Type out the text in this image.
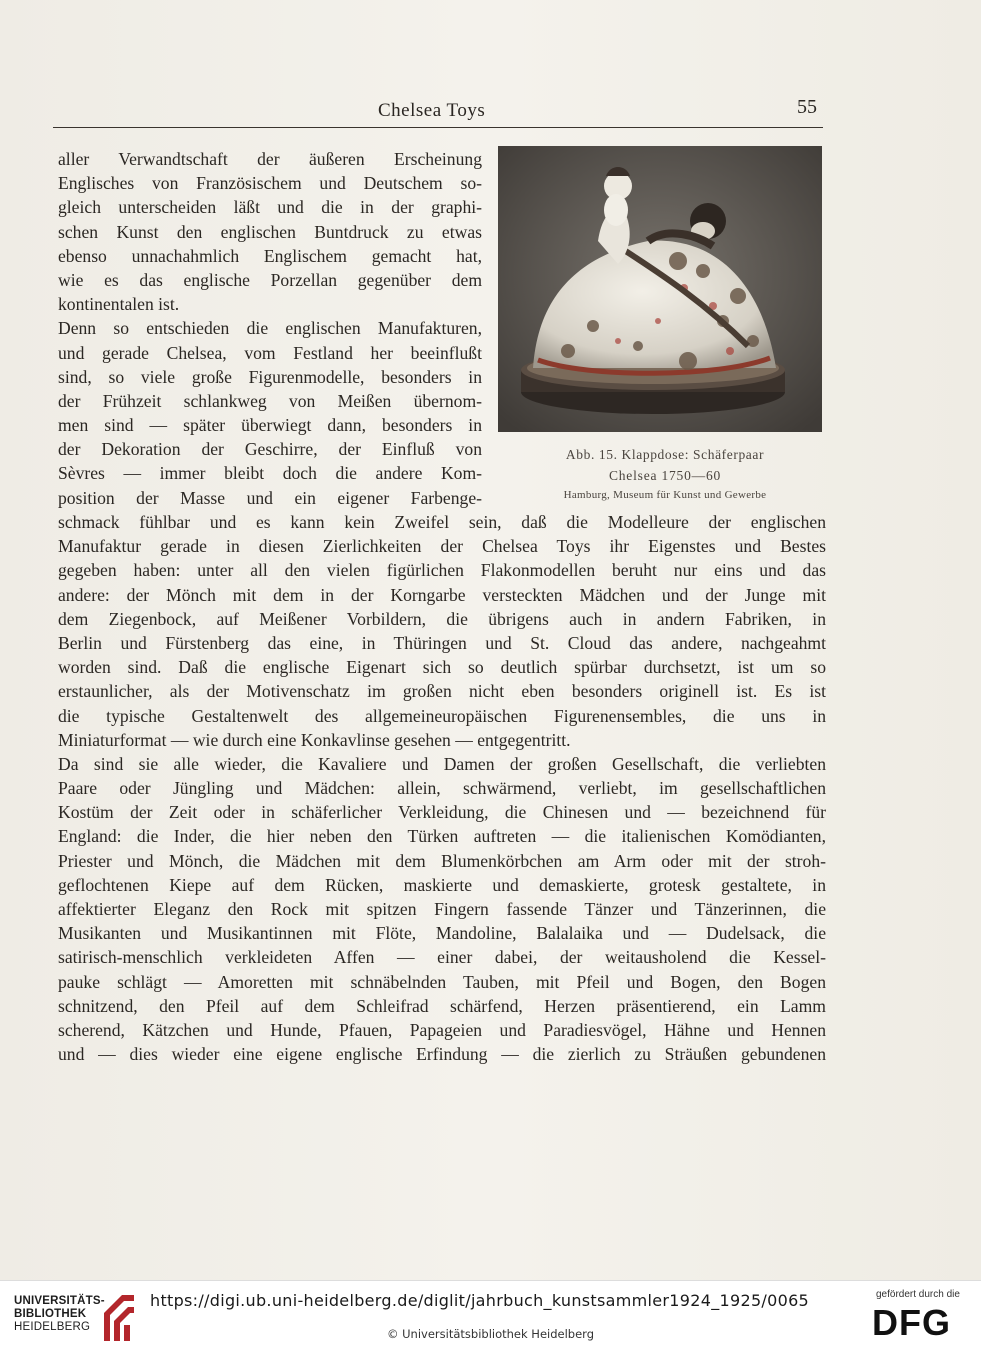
Chelsea Toys	55
Abb. 15. Klappdose: Schäferpaar
Chelsea 1750—60
Hamburg, Museum für Kunst und Gewerbe
aller Verwandtschaft der äußeren Erscheinung
Englisches von Französischem und Deutschem so-
gleich unterscheiden läßt und die in der graphi-
schen Kunst den englischen Buntdruck zu etwas
ebenso unnachahmlich Englischem gemacht hat,
wie es das englische Porzellan gegenüber dem
kontinentalen ist.
Denn so entschieden die englischen Manufakturen,
und gerade Chelsea, vom Festland her beeinflußt
sind, so viele große Figurenmodelle, besonders in
der Frühzeit schlankweg von Meißen übernom-
men sind — später überwiegt dann, besonders in
der Dekoration der Geschirre, der Einfluß von
Sèvres — immer bleibt doch die andere Kom-
position der Masse und ein eigener Farbenge-
schmack fühlbar und es kann kein Zweifel sein, daß die Modelleure der englischen
Manufaktur gerade in diesen Zierlichkeiten der Chelsea Toys ihr Eigenstes und Bestes
gegeben haben: unter all den vielen figürlichen Flakonmodellen beruht nur eins und das
andere: der Mönch mit dem in der Korngarbe versteckten Mädchen und der Junge mit
dem Ziegenbock, auf Meißener Vorbildern, die übrigens auch in andern Fabriken, in
Berlin und Fürstenberg das eine, in Thüringen und St. Cloud das andere, nachgeahmt
worden sind. Daß die englische Eigenart sich so deutlich spürbar durchsetzt, ist um so
erstaunlicher, als der Motivenschatz im großen nicht eben besonders originell ist. Es ist
die typische Gestaltenwelt des allgemeineuropäischen Figurenensembles, die uns in
Miniaturformat — wie durch eine Konkavlinse gesehen — entgegentritt.
Da sind sie alle wieder, die Kavaliere und Damen der großen Gesellschaft, die verliebten
Paare oder Jüngling und Mädchen: allein, schwärmend, verliebt, im gesellschaftlichen
Kostüm der Zeit oder in schäferlicher Verkleidung, die Chinesen und — bezeichnend für
England: die Inder, die hier neben den Türken auftreten — die italienischen Komödianten,
Priester und Mönch, die Mädchen mit dem Blumenkörbchen am Arm oder mit der stroh-
geflochtenen Kiepe auf dem Rücken, maskierte und demaskierte, grotesk gestaltete, in
affektierter Eleganz den Rock mit spitzen Fingern fassende Tänzer und Tänzerinnen, die
Musikanten und Musikantinnen mit Flöte, Mandoline, Balalaika und — Dudelsack, die
satirisch-menschlich verkleideten Affen — einer dabei, der weitausholend die Kessel-
pauke schlägt — Amoretten mit schnäbelnden Tauben, mit Pfeil und Bogen, den Bogen
schnitzend, den Pfeil auf dem Schleifrad schärfend, Herzen präsentierend, ein Lamm
scherend, Kätzchen und Hunde, Pfauen, Papageien und Paradiesvögel, Hähne und Hennen
und — dies wieder eine eigene englische Erfindung — die zierlich zu Sträußen gebundenen
UNIVERSITÄTS-
BIBLIOTHEK
HEIDELBERG
https://digi.ub.uni-heidelberg.de/diglit/jahrbuch_kunstsammler1924_1925/0065
© Universitätsbibliothek Heidelberg
gefördert durch die
DFG
